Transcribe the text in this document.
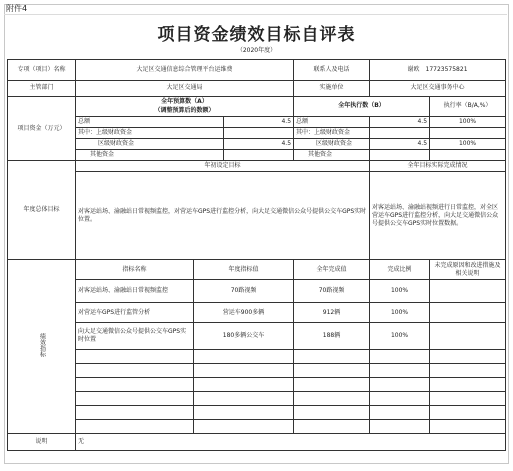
附件4
项目资金绩效目标自评表
（2020年度）
专项（项目）名称	大足区交通信息综合管理平台运维费			联系人及电话	谢欧　17723575821	
主管部门	大足区交通局			实施单位	大足区交通事务中心	
项目资金（万元）	全年预算数（A）
（调整预算后的数额）			全年执行数（B）		执行率（B/A,%）
	总额		4.5	总额	4.5	100%
	其中：上级财政资金			其中：上级财政资金		
	区级财政资金		4.5	区级财政资金	4.5	100%
	其他资金			其他资金		
年度总体目标	年初设定目标				全年目标实际完成情况	
	对客运站场、渝融站日常视频监控，对营运车GPS进行监控分析，向大足交通微信公众号提供公交车GPS实时位置。				对客运站场、渝融站视频进行日常监控，对全区营运车GPS进行监控分析，向大足交通微信公众号提供公交车GPS实时位置数据。	
绩效指标	指标名称	年度指标值		全年完成值	完成比例	未完成原因和改进措施及相关说明
	对客运站场、渝融站日常视频监控	70路视频		70路视频	100%	
	对营运车GPS进行监管分析	营运车900多辆		912辆	100%	
	向大足交通微信公众号提供公交车GPS实时位置	180多辆公交车		188辆	100%	

说明	无					
